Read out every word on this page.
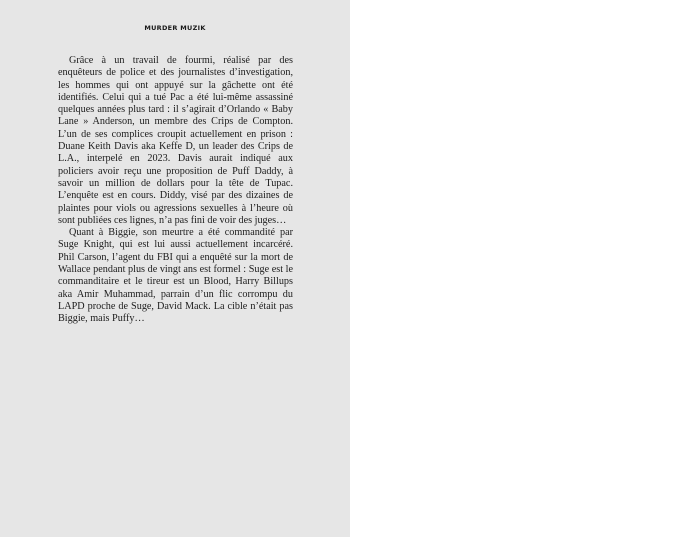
MURDER MUZIK

Grâce à un travail de fourmi, réalisé par des enquêteurs de police et des journalistes d’investigation, les hommes qui ont appuyé sur la gâchette ont été identifiés. Celui qui a tué Pac a été lui-même assassiné quelques années plus tard : il s’agirait d’Orlando « Baby Lane » Anderson, un membre des Crips de Compton. L’un de ses complices croupit actuellement en prison : Duane Keith Davis aka Keffe D, un leader des Crips de L.A., interpelé en 2023. Davis aurait indiqué aux policiers avoir reçu une proposition de Puff Daddy, à savoir un million de dollars pour la tête de Tupac. L’enquête est en cours. Diddy, visé par des dizaines de plaintes pour viols ou agressions sexuelles à l’heure où sont publiées ces lignes, n’a pas fini de voir des juges…

Quant à Biggie, son meurtre a été commandité par Suge Knight, qui est lui aussi actuellement incarcéré. Phil Carson, l’agent du FBI qui a enquêté sur la mort de Wallace pendant plus de vingt ans est formel : Suge est le commanditaire et le tireur est un Blood, Harry Billups aka Amir Muhammad, parrain d’un flic corrompu du LAPD proche de Suge, David Mack. La cible n’était pas Biggie, mais Puffy…
